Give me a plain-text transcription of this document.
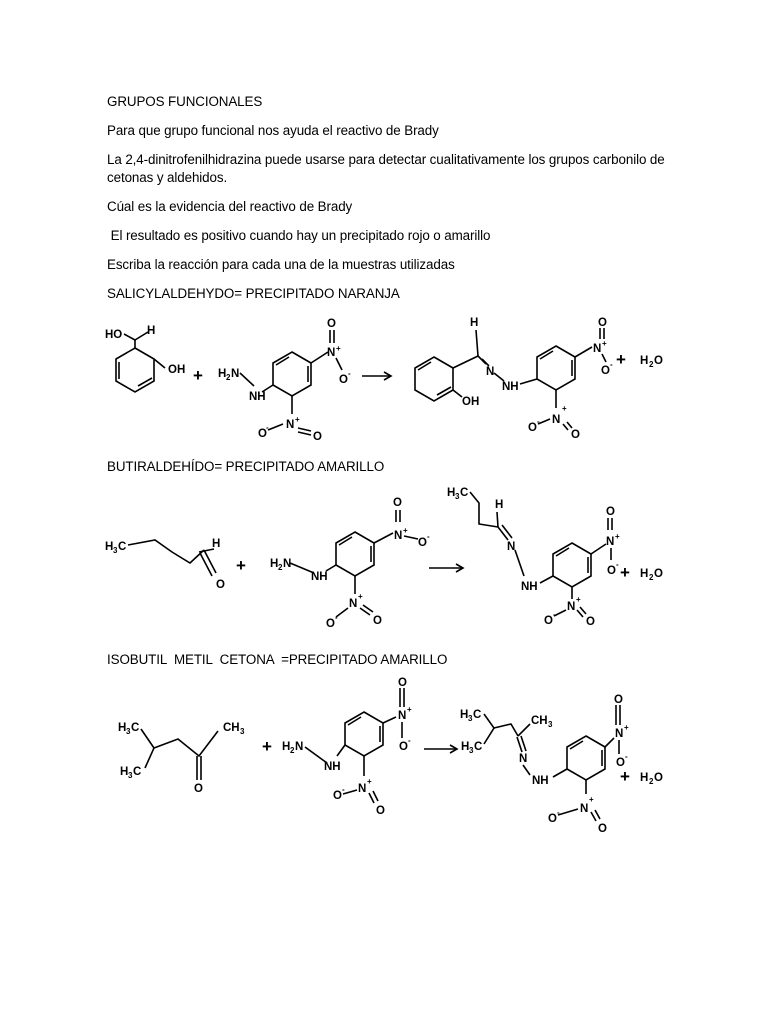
GRUPOS FUNCIONALES
Para que grupo funcional nos ayuda el reactivo de Brady
La 2,4-dinitrofenilhidrazina puede usarse para detectar cualitativamente los grupos carbonilo de
cetonas y aldehidos.
Cúal es la evidencia del reactivo de Brady
El resultado es positivo cuando hay un precipitado rojo o amarillo
Escriba la reacción para cada una de la muestras utilizadas
SALICYLALDEHYDO= PRECIPITADO NARANJA
BUTIRALDEHÍDO= PRECIPITADO AMARILLO
ISOBUTIL  METIL  CETONA  =PRECIPITADO AMARILLO
HO H
OH + H 2 N
NH
O
N +
O
-
O
- N +
O
H
N
NH
OH
O
N +
O
-
O
- N
+
O
+ H 2 O
H 3 C	H
O
+ H 2 N
NH
O
N +
O
-
O
-
N
+
O
H 3 C
H
N
NH
O
N +
O
-
O
-
N
+
O
+ H 2 O
H 3 C
H 3 C
CH 3
O
+ H 2 N
NH
O
N
+
O
-
O
- N
+
O
H 3 C
H 3 C
CH 3
N
NH
O
N
+
O
-
O
- N
+
O
+ H 2 O
